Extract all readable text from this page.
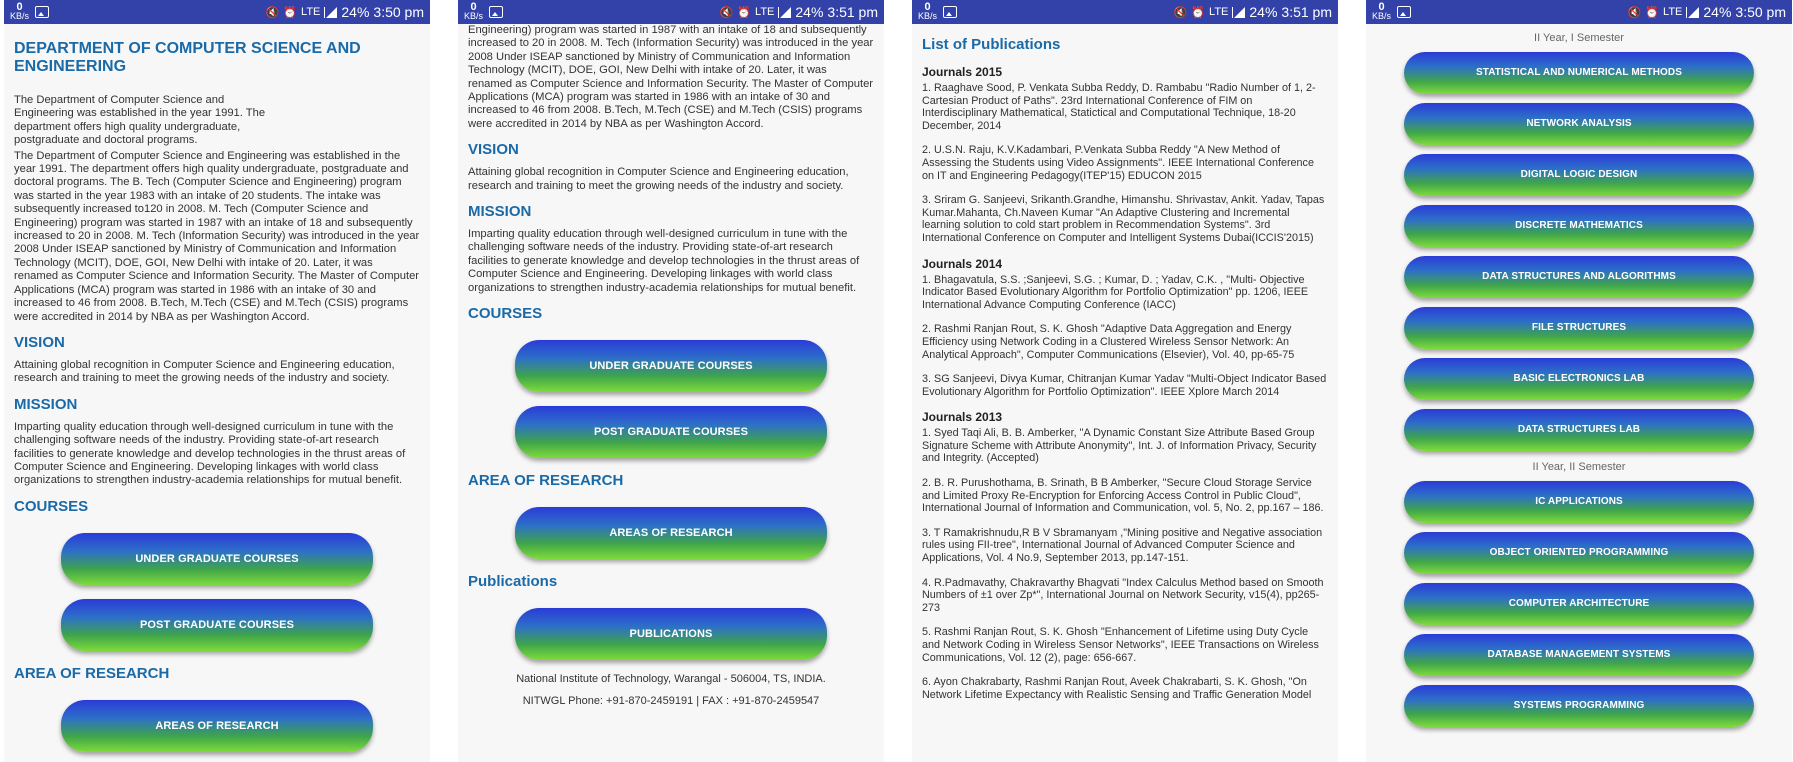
0
KB/s	🔇 ⏰ LTE 24% 3:50 pm
DEPARTMENT OF COMPUTER SCIENCE AND ENGINEERING

The Department of Computer Science and Engineering was established in the year 1991. The department offers high quality undergraduate, postgraduate and doctoral programs.

The Department of Computer Science and Engineering was established in the year 1991. The department offers high quality undergraduate, postgraduate and doctoral programs. The B. Tech (Computer Science and Engineering) program was started in the year 1983 with an intake of 20 students. The intake was subsequently increased to120 in 2008. M. Tech (Computer Science and Engineering) program was started in 1987 with an intake of 18 and subsequently increased to 20 in 2008. M. Tech (Information Security) was introduced in the year 2008 Under ISEAP sanctioned by Ministry of Communication and Information Technology (MCIT), DOE, GOI, New Delhi with intake of 20. Later, it was renamed as Computer Science and Information Security. The Master of Computer Applications (MCA) program was started in 1986 with an intake of 30 and increased to 46 from 2008. B.Tech, M.Tech (CSE) and M.Tech (CSIS) programs were accredited in 2014 by NBA as per Washington Accord.

VISION

Attaining global recognition in Computer Science and Engineering education, research and training to meet the growing needs of the industry and society.

MISSION

Imparting quality education through well-designed curriculum in tune with the challenging software needs of the industry. Providing state-of-art research facilities to generate knowledge and develop technologies in the thrust areas of Computer Science and Engineering. Developing linkages with world class organizations to strengthen industry-academia relationships for mutual benefit.

COURSES
UNDER GRADUATE COURSES
POST GRADUATE COURSES
AREA OF RESEARCH
AREAS OF RESEARCH
0
KB/s	🔇 ⏰ LTE 24% 3:51 pm

Engineering) program was started in 1987 with an intake of 18 and subsequently increased to 20 in 2008. M. Tech (Information Security) was introduced in the year 2008 Under ISEAP sanctioned by Ministry of Communication and Information Technology (MCIT), DOE, GOI, New Delhi with intake of 20. Later, it was renamed as Computer Science and Information Security. The Master of Computer Applications (MCA) program was started in 1986 with an intake of 30 and increased to 46 from 2008. B.Tech, M.Tech (CSE) and M.Tech (CSIS) programs were accredited in 2014 by NBA as per Washington Accord.

VISION

Attaining global recognition in Computer Science and Engineering education, research and training to meet the growing needs of the industry and society.

MISSION

Imparting quality education through well-designed curriculum in tune with the challenging software needs of the industry. Providing state-of-art research facilities to generate knowledge and develop technologies in the thrust areas of Computer Science and Engineering. Developing linkages with world class organizations to strengthen industry-academia relationships for mutual benefit.

COURSES
UNDER GRADUATE COURSES
POST GRADUATE COURSES
AREA OF RESEARCH
AREAS OF RESEARCH
Publications
PUBLICATIONS
National Institute of Technology, Warangal - 506004, TS, INDIA.
NITWGL Phone: +91-870-2459191 | FAX : +91-870-2459547
0
KB/s	🔇 ⏰ LTE 24% 3:51 pm
List of Publications
Journals 2015

1. Raaghave Sood, P. Venkata Subba Reddy, D. Rambabu "Radio Number of 1, 2- Cartesian Product of Paths". 23rd International Conference of FIM on Interdisciplinary Mathematical, Statictical and Computational Technique, 18-20 December, 2014

2. U.S.N. Raju, K.V.Kadambari, P.Venkata Subba Reddy "A New Method of Assessing the Students using Video Assignments". IEEE International Conference on IT and Engineering Pedagogy(ITEP'15) EDUCON 2015

3. Sriram G. Sanjeevi, Srikanth.Grandhe, Himanshu. Shrivastav, Ankit. Yadav, Tapas Kumar.Mahanta, Ch.Naveen Kumar "An Adaptive Clustering and Incremental learning solution to cold start problem in Recommendation Systems". 3rd International Conference on Computer and Intelligent Systems Dubai(ICCIS'2015)

Journals 2014

1. Bhagavatula, S.S. ;Sanjeevi, S.G. ; Kumar, D. ; Yadav, C.K. , "Multi- Objective Indicator Based Evolutionary Algorithm for Portfolio Optimization" pp. 1206, IEEE International Advance Computing Conference (IACC)

2. Rashmi Ranjan Rout, S. K. Ghosh "Adaptive Data Aggregation and Energy Efficiency using Network Coding in a Clustered Wireless Sensor Network: An Analytical Approach", Computer Communications (Elsevier), Vol. 40, pp-65-75

3. SG Sanjeevi, Divya Kumar, Chitranjan Kumar Yadav "Multi-Object Indicator Based Evolutionary Algorithm for Portfolio Optimization". IEEE Xplore March 2014

Journals 2013

1. Syed Taqi Ali, B. B. Amberker, "A Dynamic Constant Size Attribute Based Group Signature Scheme with Attribute Anonymity", Int. J. of Information Privacy, Security and Integrity. (Accepted)

2. B. R. Purushothama, B. Srinath, B B Amberker, "Secure Cloud Storage Service and Limited Proxy Re-Encryption for Enforcing Access Control in Public Cloud", International Journal of Information and Communication, vol. 5, No. 2, pp.167 – 186.

3. T Ramakrishnudu,R B V Sbramanyam ,"Mining positive and Negative association rules using FII-tree", International Journal of Advanced Computer Science and Applications, Vol. 4 No.9, September 2013, pp.147-151.

4. R.Padmavathy, Chakravarthy Bhagvati "Index Calculus Method based on Smooth Numbers of ±1 over Zp*", International Journal on Network Security, v15(4), pp265-273

5. Rashmi Ranjan Rout, S. K. Ghosh "Enhancement of Lifetime using Duty Cycle and Network Coding in Wireless Sensor Networks", IEEE Transactions on Wireless Communications, Vol. 12 (2), page: 656-667.

6. Ayon Chakrabarty, Rashmi Ranjan Rout, Aveek Chakrabarti, S. K. Ghosh, "On Network Lifetime Expectancy with Realistic Sensing and Traffic Generation Model

0
KB/s	🔇 ⏰ LTE 24% 3:50 pm
II Year, I Semester
STATISTICAL AND NUMERICAL METHODS
NETWORK ANALYSIS
DIGITAL LOGIC DESIGN
DISCRETE MATHEMATICS
DATA STRUCTURES AND ALGORITHMS
FILE STRUCTURES
BASIC ELECTRONICS LAB
DATA STRUCTURES LAB
II Year, II Semester
IC APPLICATIONS
OBJECT ORIENTED PROGRAMMING
COMPUTER ARCHITECTURE
DATABASE MANAGEMENT SYSTEMS
SYSTEMS PROGRAMMING
